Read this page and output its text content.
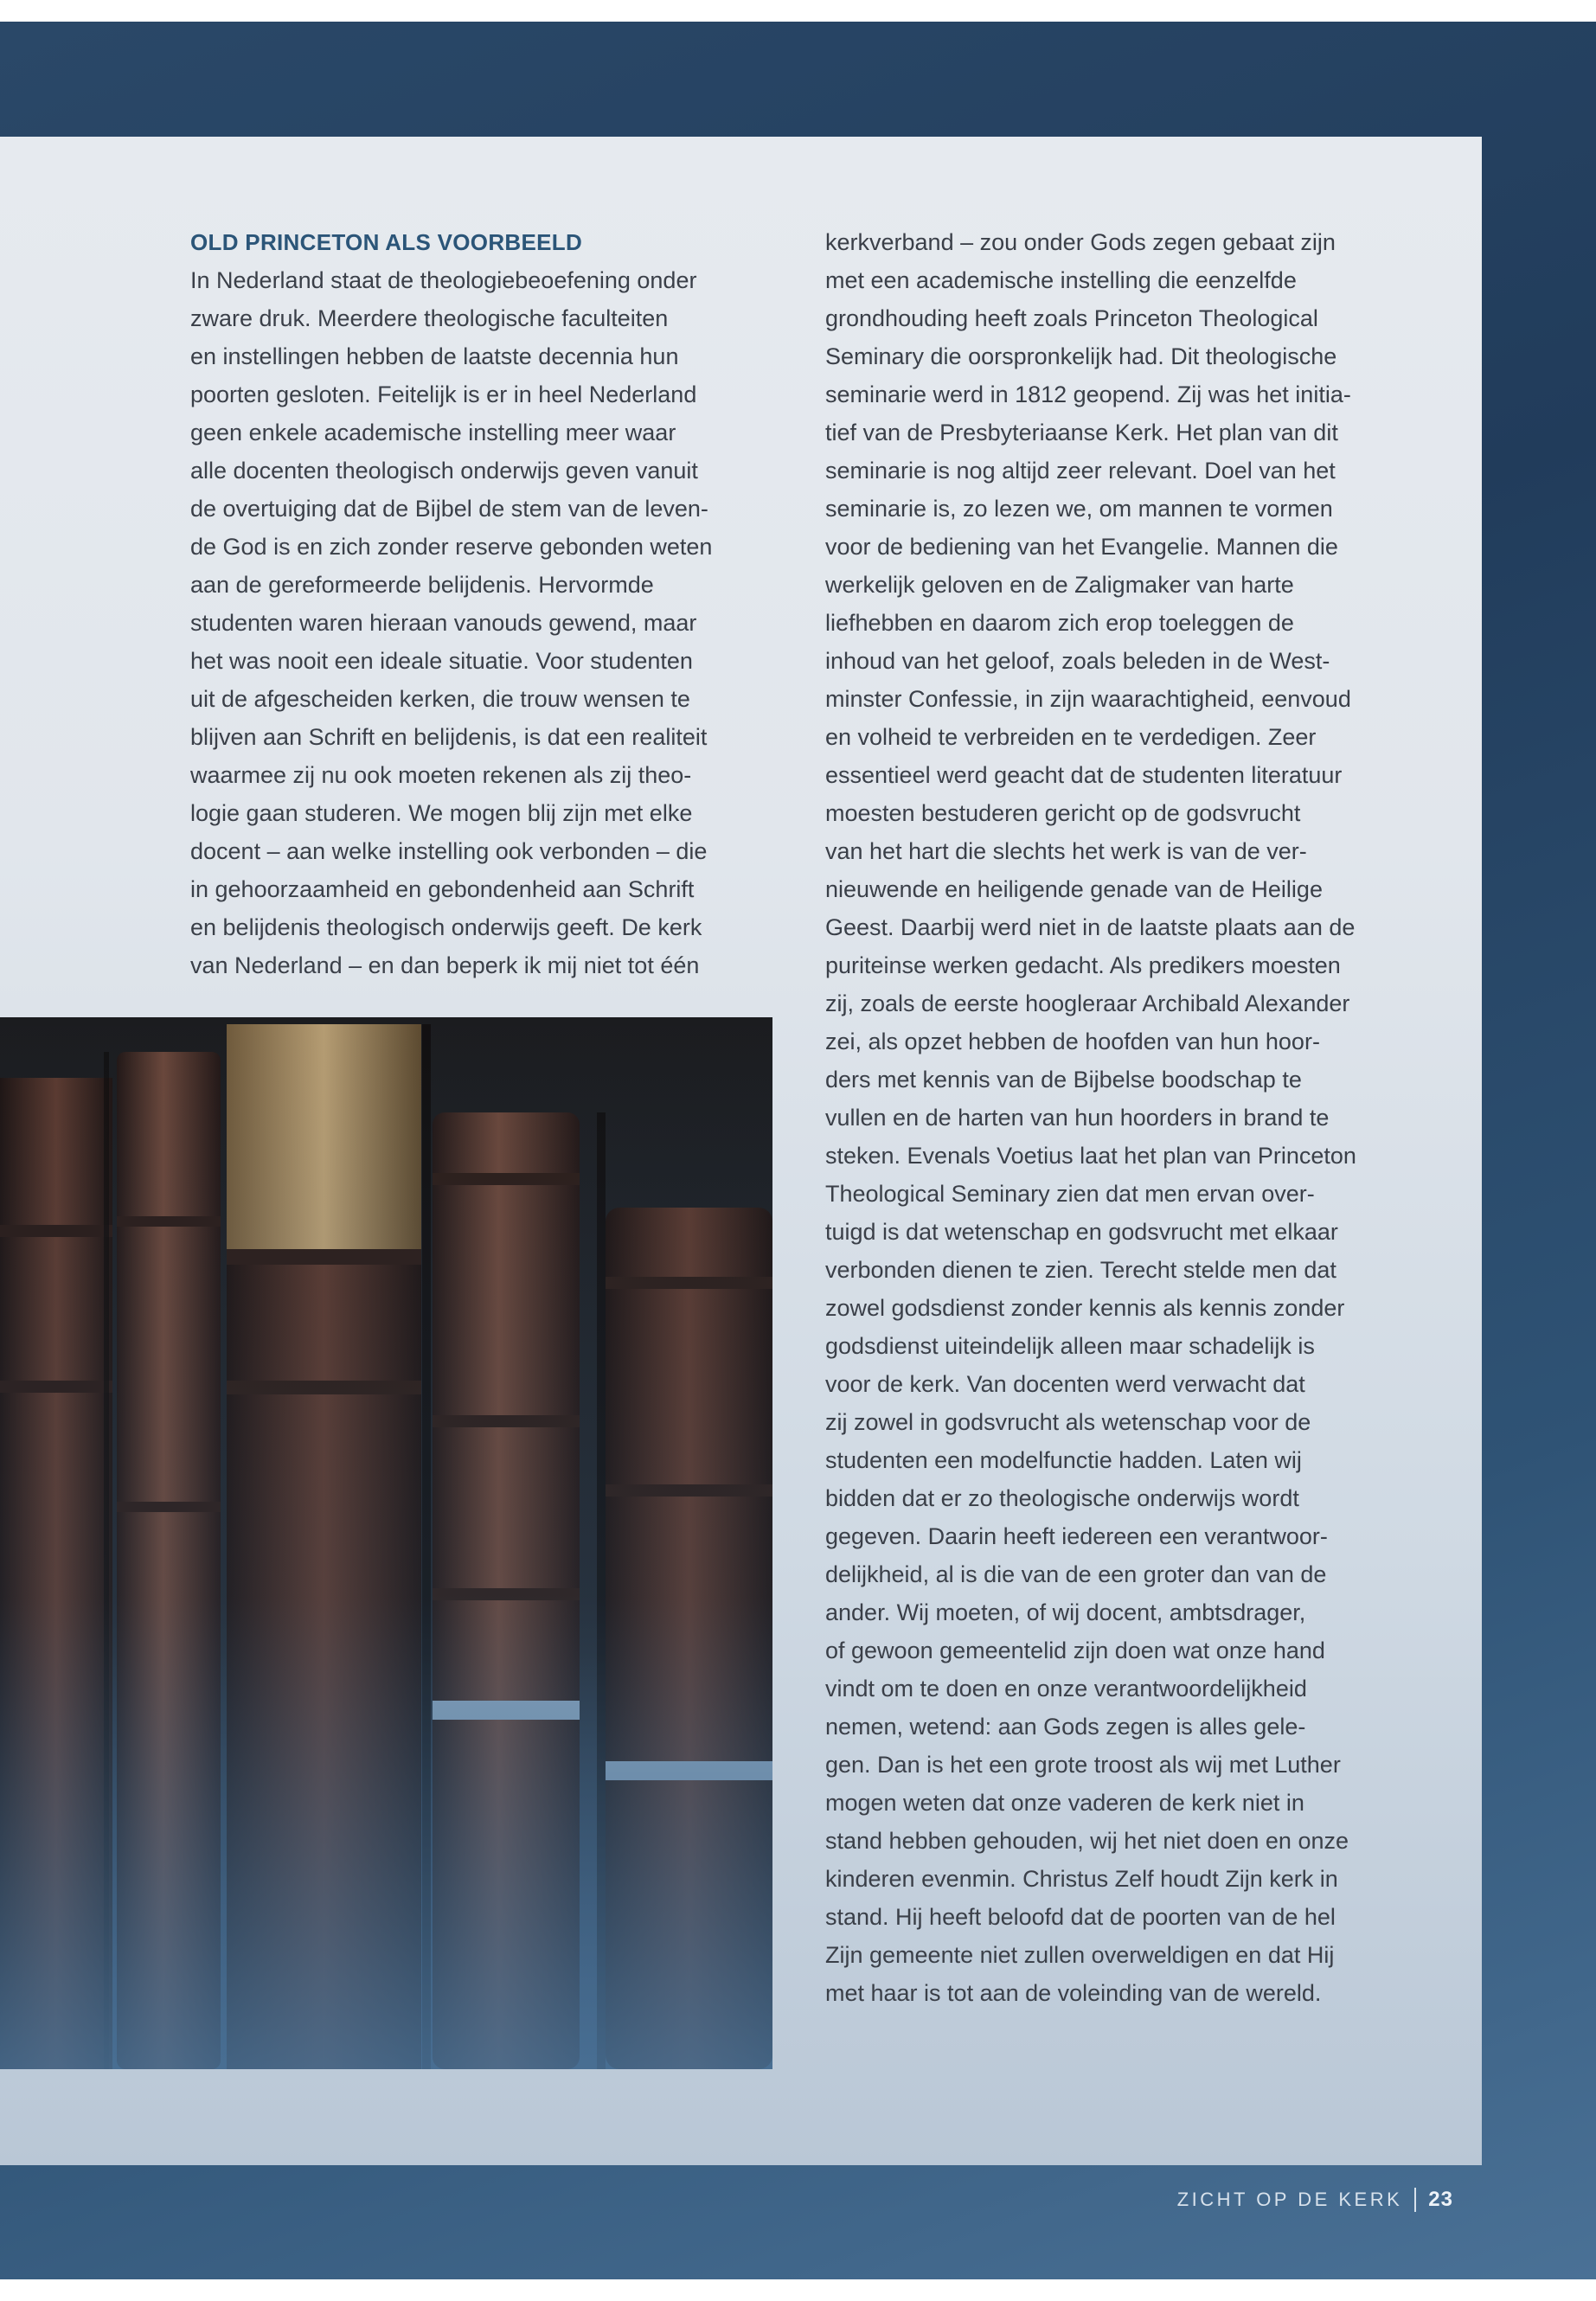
OLD PRINCETON ALS VOORBEELD
In Nederland staat de theologiebeoefening onder
zware druk. Meerdere theologische faculteiten
en instellingen hebben de laatste decennia hun
poorten gesloten. Feitelijk is er in heel Nederland
geen enkele academische instelling meer waar
alle docenten theologisch onderwijs geven vanuit
de overtuiging dat de Bijbel de stem van de leven-
de God is en zich zonder reserve gebonden weten
aan de gereformeerde belijdenis. Hervormde
studenten waren hieraan vanouds gewend, maar
het was nooit een ideale situatie. Voor studenten
uit de afgescheiden kerken, die trouw wensen te
blijven aan Schrift en belijdenis, is dat een realiteit
waarmee zij nu ook moeten rekenen als zij theo-
logie gaan studeren. We mogen blij zijn met elke
docent – aan welke instelling ook verbonden – die
in gehoorzaamheid en gebondenheid aan Schrift
en belijdenis theologisch onderwijs geeft. De kerk
van Nederland – en dan beperk ik mij niet tot één
kerkverband – zou onder Gods zegen gebaat zijn
met een academische instelling die eenzelfde
grondhouding heeft zoals Princeton Theological
Seminary die oorspronkelijk had. Dit theologische
seminarie werd in 1812 geopend. Zij was het initia-
tief van de Presbyteriaanse Kerk. Het plan van dit
seminarie is nog altijd zeer relevant. Doel van het
seminarie is, zo lezen we, om mannen te vormen
voor de bediening van het Evangelie. Mannen die
werkelijk geloven en de Zaligmaker van harte
liefhebben en daarom zich erop toeleggen de
inhoud van het geloof, zoals beleden in de West-
minster Confessie, in zijn waarachtigheid, eenvoud
en volheid te verbreiden en te verdedigen. Zeer
essentieel werd geacht dat de studenten literatuur
moesten bestuderen gericht op de godsvrucht
van het hart die slechts het werk is van de ver-
nieuwende en heiligende genade van de Heilige
Geest. Daarbij werd niet in de laatste plaats aan de
puriteinse werken gedacht. Als predikers moesten
zij, zoals de eerste hoogleraar Archibald Alexander
zei, als opzet hebben de hoofden van hun hoor-
ders met kennis van de Bijbelse boodschap te
vullen en de harten van hun hoorders in brand te
steken. Evenals Voetius laat het plan van Princeton
Theological Seminary zien dat men ervan over-
tuigd is dat wetenschap en godsvrucht met elkaar
verbonden dienen te zien. Terecht stelde men dat
zowel godsdienst zonder kennis als kennis zonder
godsdienst uiteindelijk alleen maar schadelijk is
voor de kerk. Van docenten werd verwacht dat
zij zowel in godsvrucht als wetenschap voor de
studenten een modelfunctie hadden. Laten wij
bidden dat er zo theologische onderwijs wordt
gegeven. Daarin heeft iedereen een verantwoor-
delijkheid, al is die van de een groter dan van de
ander. Wij moeten, of wij docent, ambtsdrager,
of gewoon gemeentelid zijn doen wat onze hand
vindt om te doen en onze verantwoordelijkheid
nemen, wetend: aan Gods zegen is alles gele-
gen. Dan is het een grote troost als wij met Luther
mogen weten dat onze vaderen de kerk niet in
stand hebben gehouden, wij het niet doen en onze
kinderen evenmin. Christus Zelf houdt Zijn kerk in
stand. Hij heeft beloofd dat de poorten van de hel
Zijn gemeente niet zullen overweldigen en dat Hij
met haar is tot aan de voleinding van de wereld.
ZICHT OP DE KERK 23
